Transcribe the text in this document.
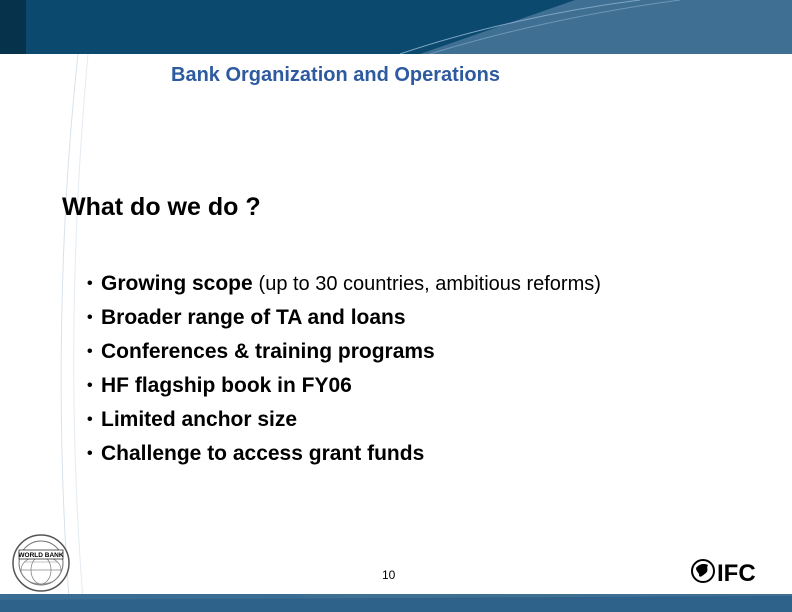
Bank Organization and Operations
What do we do ?
• Growing scope (up to 30 countries, ambitious reforms)
• Broader range of TA and loans
• Conferences & training programs
• HF flagship book in FY06
• Limited anchor size
• Challenge to access grant funds
WORLD BANK
10	IFC
